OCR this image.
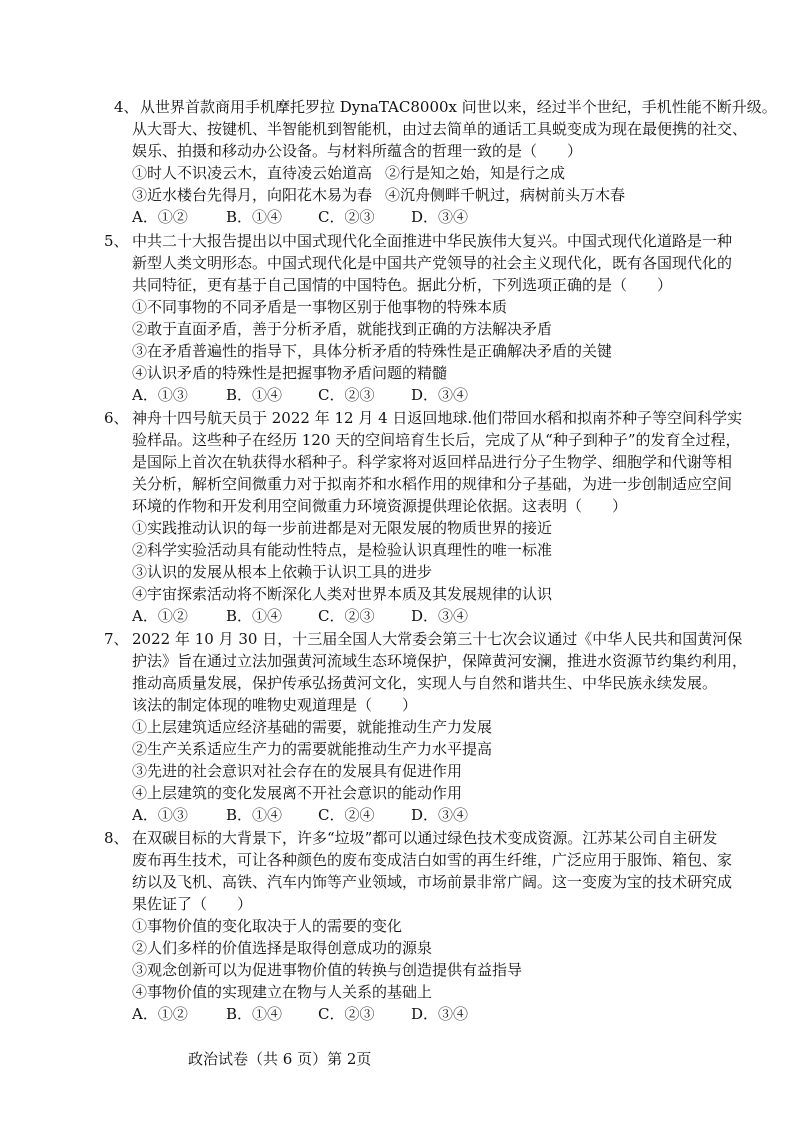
4、 从世界首款商用手机摩托罗拉 DynaTAC8000x 问世以来，经过半个世纪，手机性能不断升级。
从大哥大、按键机、半智能机到智能机，由过去简单的通话工具蜕变成为现在最便携的社交、
娱乐、拍摄和移动办公设备。与材料所蕴含的哲理一致的是（　　）
①时人不识凌云木，直待凌云始道高 ②行是知之始，知是行之成
③近水楼台先得月，向阳花木易为春 ④沉舟侧畔千帆过，病树前头万木春
A．①②	B．①④ C．②③ D．③④
5、 中共二十大报告提出以中国式现代化全面推进中华民族伟大复兴。中国式现代化道路是一种
新型人类文明形态。中国式现代化是中国共产党领导的社会主义现代化，既有各国现代化的
共同特征，更有基于自己国情的中国特色。据此分析，下列选项正确的是（　　）
①不同事物的不同矛盾是一事物区别于他事物的特殊本质
②敢于直面矛盾，善于分析矛盾，就能找到正确的方法解决矛盾
③在矛盾普遍性的指导下，具体分析矛盾的特殊性是正确解决矛盾的关键
④认识矛盾的特殊性是把握事物矛盾问题的精髓
A．①③	B．①④ C．②③ D．③④
6、 神舟十四号航天员于 2022 年 12 月 4 日返回地球.他们带回水稻和拟南芥种子等空间科学实
验样品。这些种子在经历 120 天的空间培育生长后，完成了从“种子到种子”的发育全过程，
是国际上首次在轨获得水稻种子。科学家将对返回样品进行分子生物学、细胞学和代谢等相
关分析，解析空间微重力对于拟南芥和水稻作用的规律和分子基础，为进一步创制适应空间
环境的作物和开发利用空间微重力环境资源提供理论依据。这表明（　　）
①实践推动认识的每一步前进都是对无限发展的物质世界的接近
②科学实验活动具有能动性特点，是检验认识真理性的唯一标准
③认识的发展从根本上依赖于认识工具的进步
④宇宙探索活动将不断深化人类对世界本质及其发展规律的认识
A．①②	B．①④ C．②③ D．③④
7、 2022 年 10 月 30 日，十三届全国人大常委会第三十七次会议通过《中华人民共和国黄河保
护法》旨在通过立法加强黄河流域生态环境保护，保障黄河安澜，推进水资源节约集约利用，
推动高质量发展，保护传承弘扬黄河文化，实现人与自然和谐共生、中华民族永续发展。
该法的制定体现的唯物史观道理是（　　）
①上层建筑适应经济基础的需要，就能推动生产力发展
②生产关系适应生产力的需要就能推动生产力水平提高
③先进的社会意识对社会存在的发展具有促进作用
④上层建筑的变化发展离不开社会意识的能动作用
A．①③	B．①④ C．②④ D．③④
8、 在双碳目标的大背景下，许多“垃圾”都可以通过绿色技术变成资源。江苏某公司自主研发
废布再生技术，可让各种颜色的废布变成洁白如雪的再生纤维，广泛应用于服饰、箱包、家
纺以及飞机、高铁、汽车内饰等产业领域，市场前景非常广阔。这一变废为宝的技术研究成
果佐证了（　　）
①事物价值的变化取决于人的需要的变化
②人们多样的价值选择是取得创意成功的源泉
③观念创新可以为促进事物价值的转换与创造提供有益指导
④事物价值的实现建立在物与人关系的基础上
A．①②	B．①④ C．②③ D．③④
政治试卷（共 6 页）第 2页
